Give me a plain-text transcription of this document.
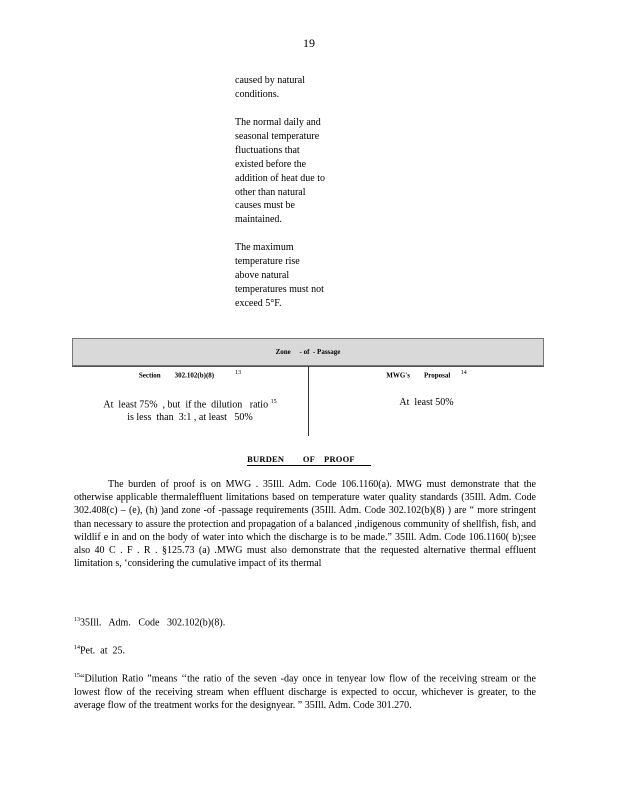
19
caused by natural
conditions.
The normal daily and
seasonal temperature
fluctuations that
existed before the
addition of heat due to
other than natural
causes must be
maintained.
The maximum
temperature rise
above natural
temperatures must not
exceed 5°F.
Zone     - of  - Passage
Section        302.102(b)(8)	$^{13}$	MWG's        Proposal $^{14}$
At  least 75%  , but  if the  dilution   ratio $^{15}$
is less  than  3:1 , at least   50%
At  least 50%
BURDEN        OF    PROOF

The burden of proof is on MWG . 35Ill. Adm. Code 106.1160(a). MWG must demonstrate that the otherwise applicable thermaleffluent limitations based on temperature water quality standards (35Ill. Adm. Code 302.408(c) – (e), (h) )and zone -of -passage requirements (35Ill. Adm. Code 302.102(b)(8) ) are “ more stringent than necessary to assure the protection and propagation of a balanced ,indigenous community of shellfish, fish, and wildlif e in and on the body of water into which the discharge is to be made.” 35Ill. Adm. Code 106.1160( b);see also 40 C . F . R . §125.73 (a) .MWG must also demonstrate that the requested alternative thermal effluent limitation s, ‘considering the cumulative impact of its thermal

$^{13}$35Ill.   Adm.   Code   302.102(b)(8).
$^{14}$Pet.  at  25.
$^{15}$“Dilution Ratio ”means ‘‘the ratio of the seven -day once in tenyear low flow of the receiving stream or the lowest flow of the receiving stream when effluent discharge is expected to occur, whichever is greater, to the average flow of the treatment works for the designyear. ” 35Ill. Adm. Code 301.270.
